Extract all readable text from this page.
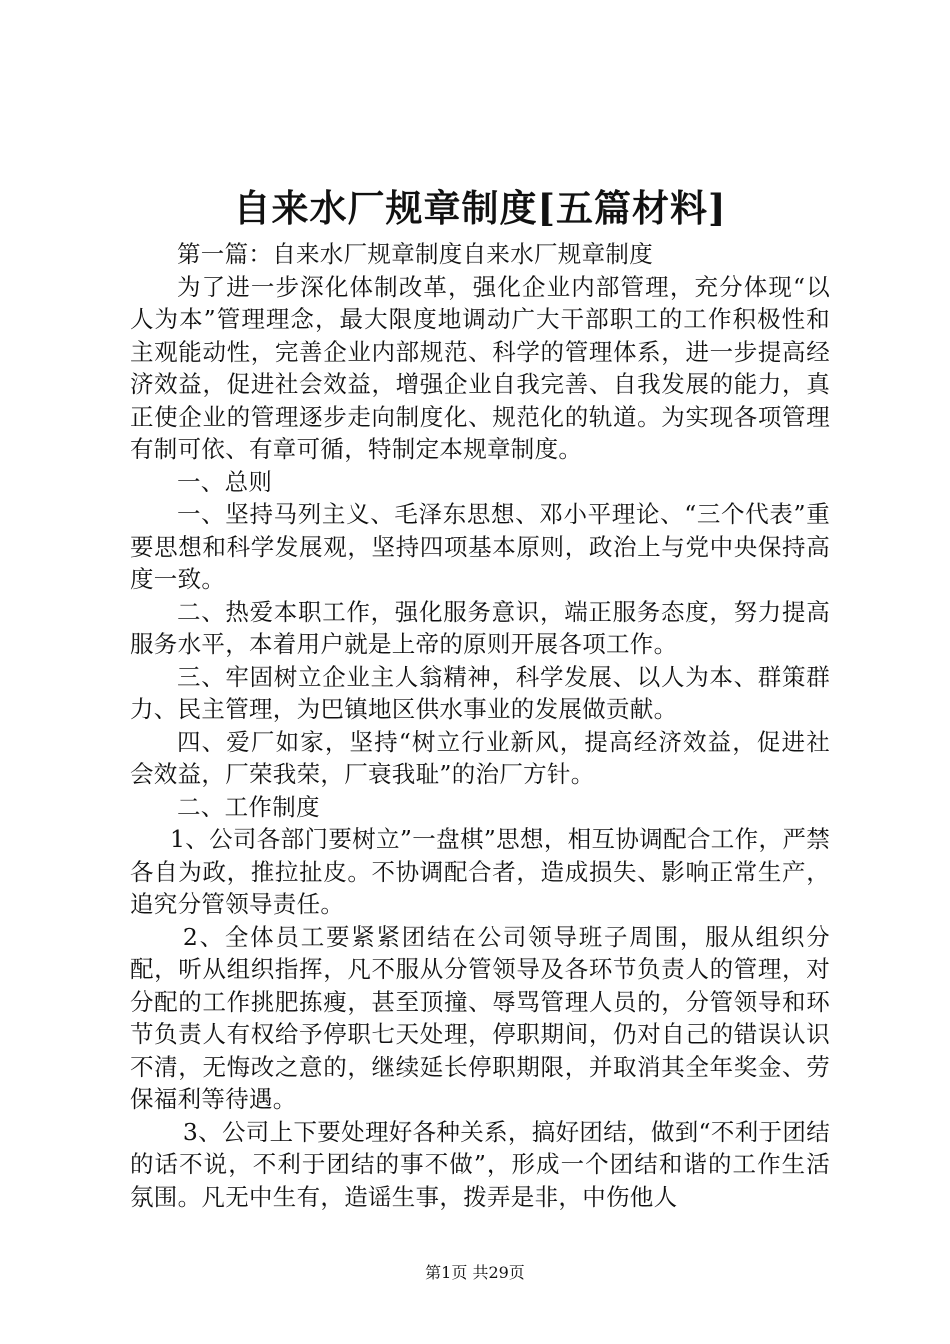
自来水厂规章制度[五篇材料]

第一篇：自来水厂规章制度自来水厂规章制度

为了进一步深化体制改革，强化企业内部管理，充分体现“以人为本”管理理念，最大限度地调动广大干部职工的工作积极性和主观能动性，完善企业内部规范、科学的管理体系，进一步提高经济效益，促进社会效益，增强企业自我完善、自我发展的能力，真正使企业的管理逐步走向制度化、规范化的轨道。为实现各项管理有制可依、有章可循，特制定本规章制度。

一、总则

一、坚持马列主义、毛泽东思想、邓小平理论、“三个代表”重要思想和科学发展观，坚持四项基本原则，政治上与党中央保持高度一致。

二、热爱本职工作，强化服务意识，端正服务态度，努力提高服务水平，本着用户就是上帝的原则开展各项工作。

三、牢固树立企业主人翁精神，科学发展、以人为本、群策群力、民主管理，为巴镇地区供水事业的发展做贡献。

四、爱厂如家，坚持“树立行业新风，提高经济效益，促进社会效益，厂荣我荣，厂衰我耻”的治厂方针。

二、工作制度

1、公司各部门要树立”一盘棋”思想，相互协调配合工作，严禁各自为政，推拉扯皮。不协调配合者，造成损失、影响正常生产，追究分管领导责任。

2、全体员工要紧紧团结在公司领导班子周围，服从组织分配，听从组织指挥，凡不服从分管领导及各环节负责人的管理，对分配的工作挑肥拣瘦，甚至顶撞、辱骂管理人员的，分管领导和环节负责人有权给予停职七天处理，停职期间，仍对自己的错误认识不清，无悔改之意的，继续延长停职期限，并取消其全年奖金、劳保福利等待遇。

3、公司上下要处理好各种关系，搞好团结，做到“不利于团结的话不说，不利于团结的事不做”，形成一个团结和谐的工作生活氛围。凡无中生有，造谣生事，拨弄是非，中伤他人

第1页 共29页
